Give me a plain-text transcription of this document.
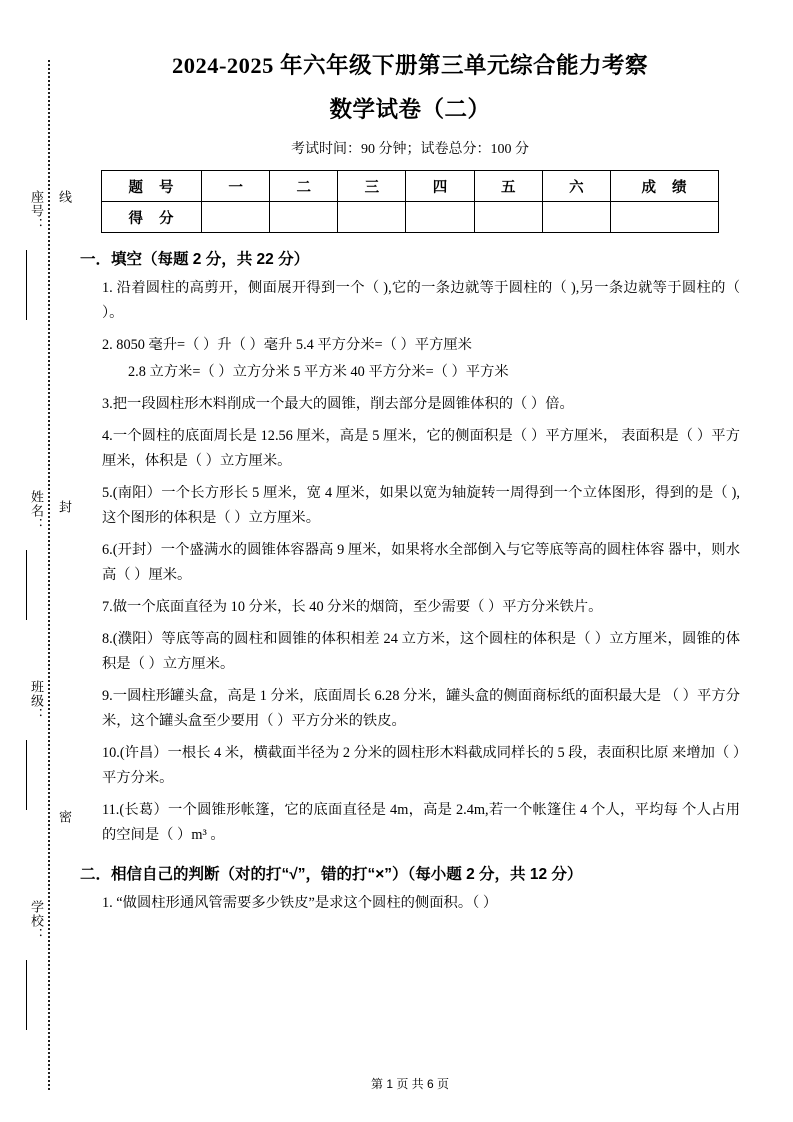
座号：
姓名：
班级：
学校：
线
封
密
2024-2025 年六年级下册第三单元综合能力考察
数学试卷（二）
考试时间：90 分钟；试卷总分：100 分
题 号	一	二	三	四	五	六	成 绩
得 分							
一．填空（每题 2 分，共 22 分）
1. 沿着圆柱的高剪开，侧面展开得到一个（ ),它的一条边就等于圆柱的（ ),另一条边就等于圆柱的（ ）。
2. 8050 毫升=（ ）升（ ）毫升 5.4 平方分米=（ ）平方厘米
2.8 立方米=（ ）立方分米 5 平方米 40 平方分米=（ ）平方米
3.把一段圆柱形木料削成一个最大的圆锥，削去部分是圆锥体积的（ ）倍。
4.一个圆柱的底面周长是 12.56 厘米，高是 5 厘米，它的侧面积是（ ）平方厘米， 表面积是（ ）平方厘米，体积是（ ）立方厘米。
5.(南阳）一个长方形长 5 厘米，宽 4 厘米，如果以宽为轴旋转一周得到一个立体图形，得到的是（ ),这个图形的体积是（ ）立方厘米。
6.(开封）一个盛满水的圆锥体容器高 9 厘米，如果将水全部倒入与它等底等高的圆柱体容 器中，则水高（ ）厘米。
7.做一个底面直径为 10 分米，长 40 分米的烟筒，至少需要（ ）平方分米铁片。
8.(濮阳）等底等高的圆柱和圆锥的体积相差 24 立方米，这个圆柱的体积是（ ）立方厘米，圆锥的体积是（ ）立方厘米。
9.一圆柱形罐头盒，高是 1 分米，底面周长 6.28 分米，罐头盒的侧面商标纸的面积最大是 （ ）平方分米，这个罐头盒至少要用（ ）平方分米的铁皮。
10.(许昌）一根长 4 米，横截面半径为 2 分米的圆柱形木料截成同样长的 5 段，表面积比原 来增加（ ）平方分米。
11.(长葛）一个圆锥形帐篷，它的底面直径是 4m，高是 2.4m,若一个帐篷住 4 个人，平均每 个人占用的空间是（ ）m³ 。
二．相信自己的判断（对的打“√”，错的打“×”）（每小题 2 分，共 12 分）
1. “做圆柱形通风管需要多少铁皮”是求这个圆柱的侧面积。（ ）
第 1 页 共 6 页
